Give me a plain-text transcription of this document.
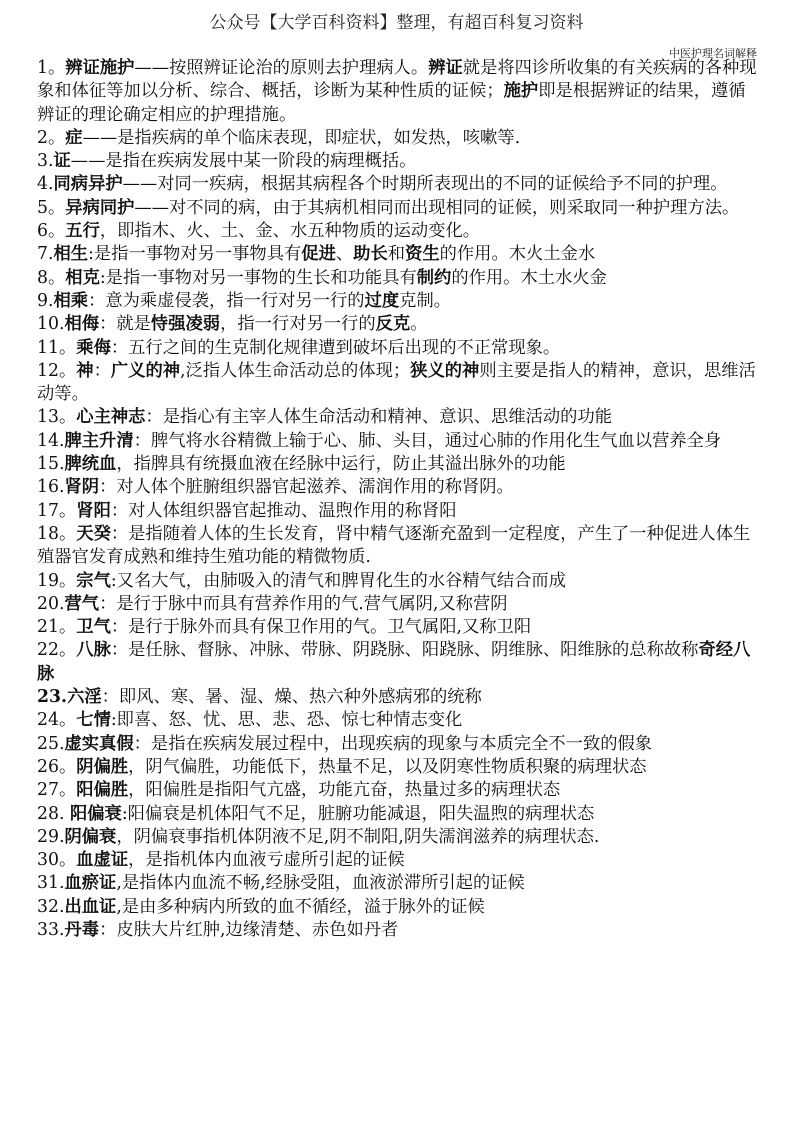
公众号【大学百科资料】整理，有超百科复习资料
中医护理名词解释
1。辨证施护——按照辨证论治的原则去护理病人。辨证就是将四诊所收集的有关疾病的各种现象和体征等加以分析、综合、概括，诊断为某种性质的证候；施护即是根据辨证的结果，遵循辨证的理论确定相应的护理措施。
2。症——是指疾病的单个临床表现，即症状，如发热，咳嗽等.
3.证——是指在疾病发展中某一阶段的病理概括。
4.同病异护——对同一疾病，根据其病程各个时期所表现出的不同的证候给予不同的护理。
5。异病同护——对不同的病，由于其病机相同而出现相同的证候，则采取同一种护理方法。
6。五行，即指木、火、土、金、水五种物质的运动变化。
7.相生:是指一事物对另一事物具有促进、助长和资生的作用。木火土金水
8。相克:是指一事物对另一事物的生长和功能具有制约的作用。木土水火金
9.相乘：意为乘虚侵袭，指一行对另一行的过度克制。
10.相侮：就是恃强凌弱，指一行对另一行的反克。
11。乘侮：五行之间的生克制化规律遭到破坏后出现的不正常现象。
12。神：广义的神,泛指人体生命活动总的体现；狭义的神则主要是指人的精神，意识，思维活动等。
13。心主神志：是指心有主宰人体生命活动和精神、意识、思维活动的功能
14.脾主升清：脾气将水谷精微上输于心、肺、头目，通过心肺的作用化生气血以营养全身
15.脾统血，指脾具有统摄血液在经脉中运行，防止其溢出脉外的功能
16.肾阴：对人体个脏腑组织器官起滋养、濡润作用的称肾阴。
17。肾阳：对人体组织器官起推动、温煦作用的称肾阳
18。天癸：是指随着人体的生长发育，肾中精气逐渐充盈到一定程度，产生了一种促进人体生殖器官发育成熟和维持生殖功能的精微物质.
19。宗气:又名大气，由肺吸入的清气和脾胃化生的水谷精气结合而成
20.营气：是行于脉中而具有营养作用的气.营气属阴,又称营阴
21。卫气：是行于脉外而具有保卫作用的气。卫气属阳,又称卫阳
22。八脉：是任脉、督脉、冲脉、带脉、阴跷脉、阳跷脉、阴维脉、阳维脉的总称故称奇经八脉
23.六淫：即风、寒、暑、湿、燥、热六种外感病邪的统称
24。七情:即喜、怒、忧、思、悲、恐、惊七种情志变化
25.虚实真假：是指在疾病发展过程中，出现疾病的现象与本质完全不一致的假象
26。阴偏胜，阴气偏胜，功能低下，热量不足，以及阴寒性物质积聚的病理状态
27。阳偏胜，阳偏胜是指阳气亢盛，功能亢奋，热量过多的病理状态
28. 阳偏衰:阳偏衰是机体阳气不足，脏腑功能减退，阳失温煦的病理状态
29.阴偏衰，阴偏衰事指机体阴液不足,阴不制阳,阴失濡润滋养的病理状态.
30。血虚证，是指机体内血液亏虚所引起的证候
31.血瘀证,是指体内血流不畅,经脉受阻，血液淤滞所引起的证候
32.出血证,是由多种病内所致的血不循经，溢于脉外的证候
33.丹毒：皮肤大片红肿,边缘清楚、赤色如丹者
